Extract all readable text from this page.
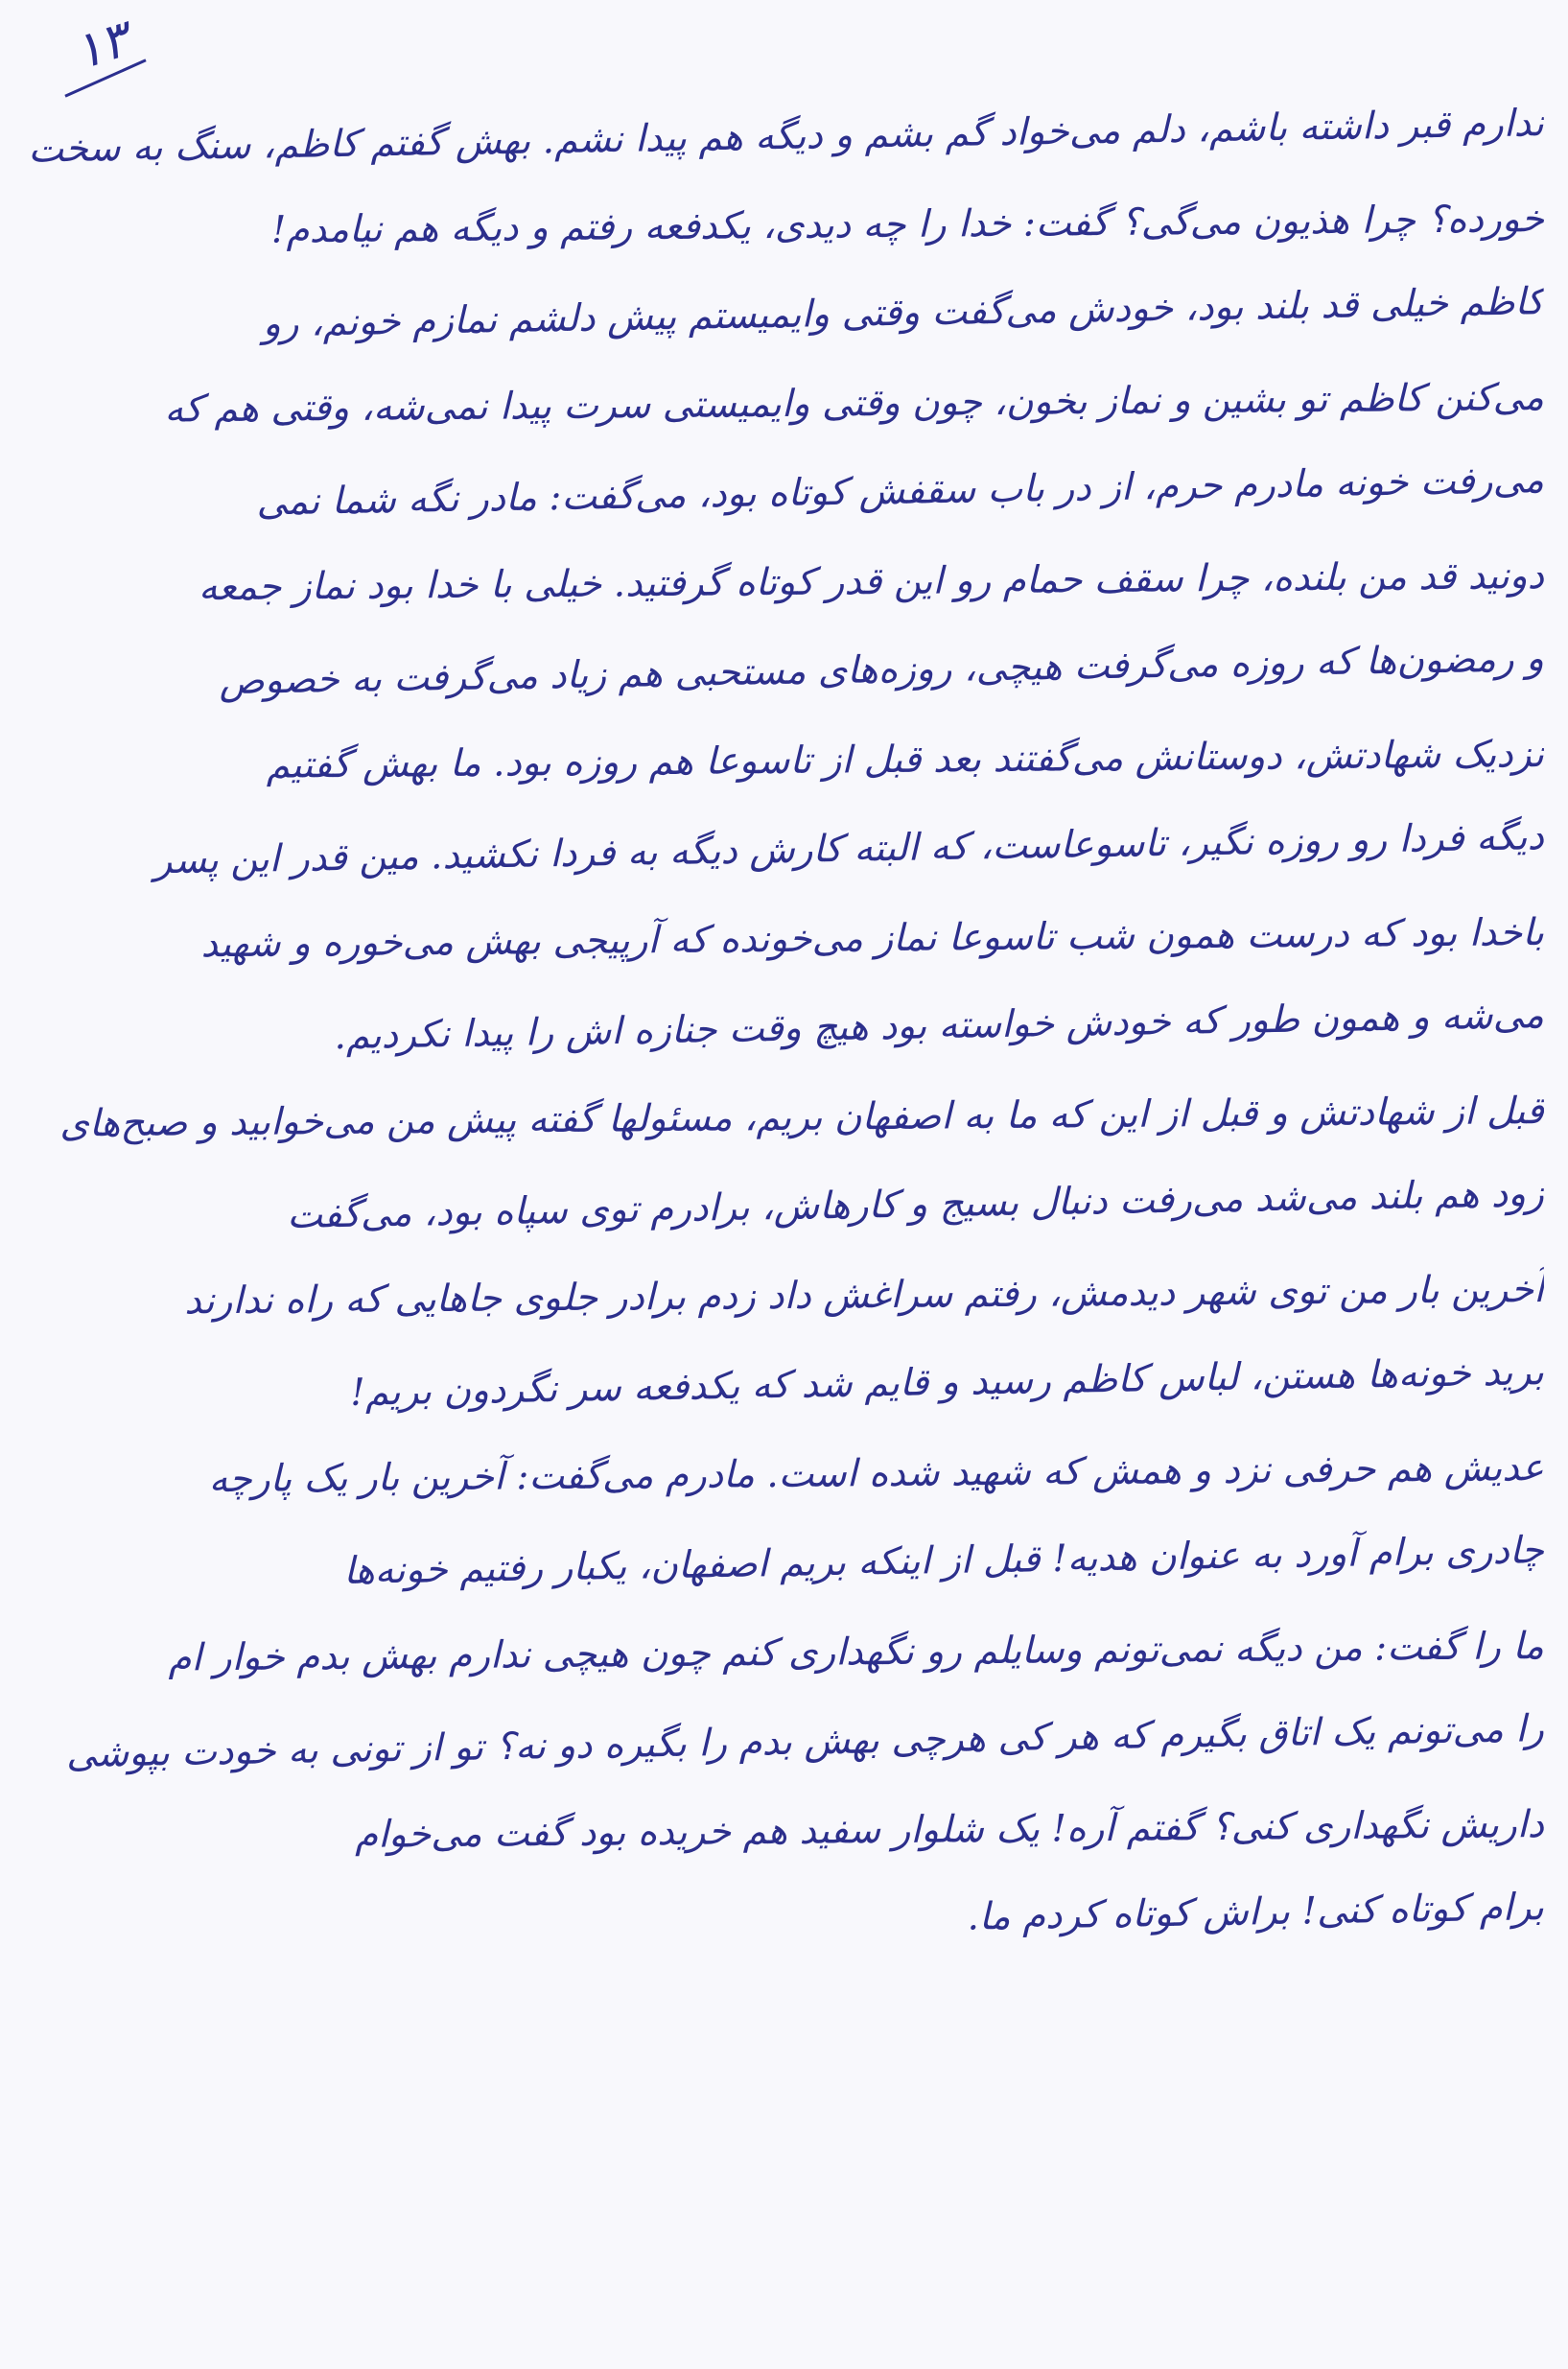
۱۳
ندارم قبر داشته باشم، دلم می‌خواد گم بشم و دیگه هم پیدا نشم. بهش گفتم کاظم، سنگ به سخت
خورده؟ چرا هذیون می‌گی؟ گفت: خدا را چه دیدی، یکدفعه رفتم و دیگه هم نیامدم!
کاظم خیلی قد بلند بود، خودش می‌گفت وقتی وایمیستم پیش دلشم نمازم خونم، رو
می‌کنن کاظم تو بشین و نماز بخون، چون وقتی وایمیستی سرت پیدا نمی‌شه، وقتی هم که
می‌رفت خونه مادرم حرم، از در باب سقفش کوتاه بود، می‌گفت: مادر نگه شما نمی‌
دونید قد من بلنده، چرا سقف حمام رو این قدر کوتاه گرفتید. خیلی با خدا بود نماز جمعه
و رمضون‌ها که روزه می‌گرفت هیچی، روزه‌های مستحبی هم زیاد می‌گرفت به خصوص
نزدیک شهادتش، دوستانش می‌گفتند بعد قبل از تاسوعا هم روزه بود. ما بهش گفتیم
دیگه فردا رو روزه نگیر، تاسوعاست، که البته کارش دیگه به فردا نکشید. مین قدر این پسر
باخدا بود که درست همون شب تاسوعا نماز می‌خونده که آرپیجی بهش می‌خوره و شهید
می‌شه و همون طور که خودش خواسته بود هیچ وقت جنازه اش را پیدا نکردیم.
قبل از شهادتش و قبل از این که ما به اصفهان بریم، مسئولها گفته پیش من می‌خوابید و صبح‌های
زود هم بلند می‌شد می‌رفت دنبال بسیج و کارهاش، برادرم توی سپاه بود، می‌گفت
آخرین بار من توی شهر دیدمش، رفتم سراغش داد زدم برادر جلوی جاهایی که راه ندارند
برید خونه‌ها هستن، لباس کاظم رسید و قایم شد که یکدفعه سر نگردون بریم!
عدیش هم حرفی نزد و همش که شهید شده است. مادرم می‌گفت: آخرین بار یک پارچه
چادری برام آورد به عنوان هدیه! قبل از اینکه بریم اصفهان، یکبار رفتیم خونه‌ها
ما را گفت: من دیگه نمی‌تونم وسایلم رو نگهداری کنم چون هیچی ندارم بهش بدم خوار ام
را می‌تونم یک اتاق بگیرم که هر کی هرچی بهش بدم را بگیره دو نه؟ تو از تونی به خودت بپوشی
داریش نگهداری کنی؟ گفتم آره! یک شلوار سفید هم خریده بود گفت می‌خوام
برام کوتاه کنی! براش کوتاه کردم ما.
